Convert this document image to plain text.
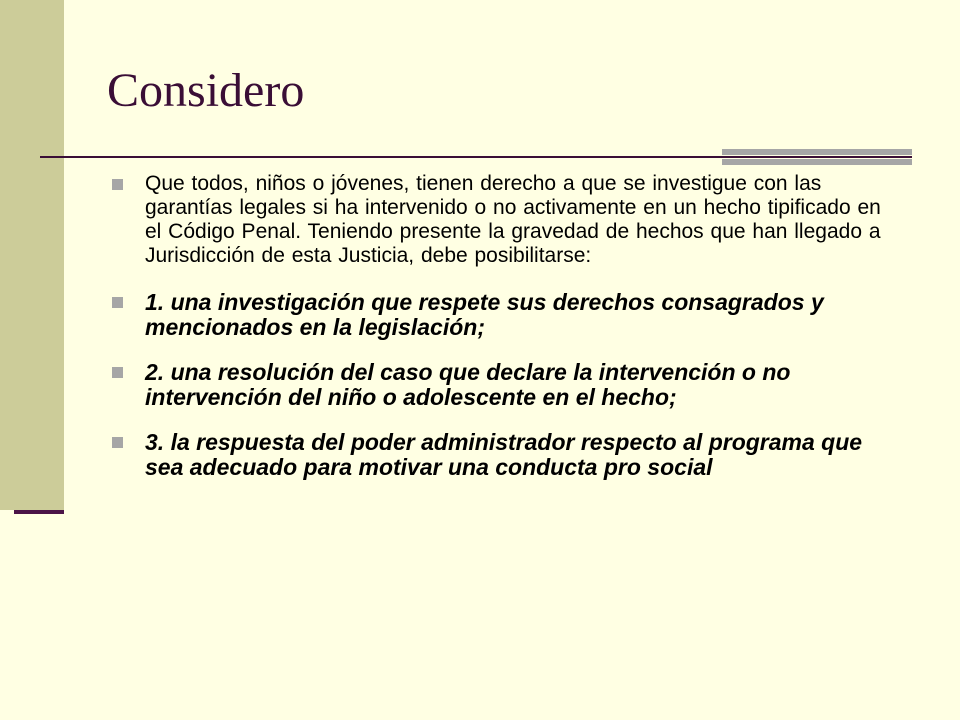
Considero
Que todos, niños o jóvenes, tienen derecho a que se investigue con las garantías legales si ha intervenido o no activamente en un hecho tipificado en el Código Penal. Teniendo presente la gravedad de hechos que han llegado a Jurisdicción de esta Justicia, debe posibilitarse:
1. una investigación que respete sus derechos consagrados y mencionados en la legislación;
2. una resolución del caso que declare la intervención o no intervención del niño o adolescente en el hecho;
3. la respuesta del poder administrador respecto al programa que sea adecuado para motivar una conducta pro social
